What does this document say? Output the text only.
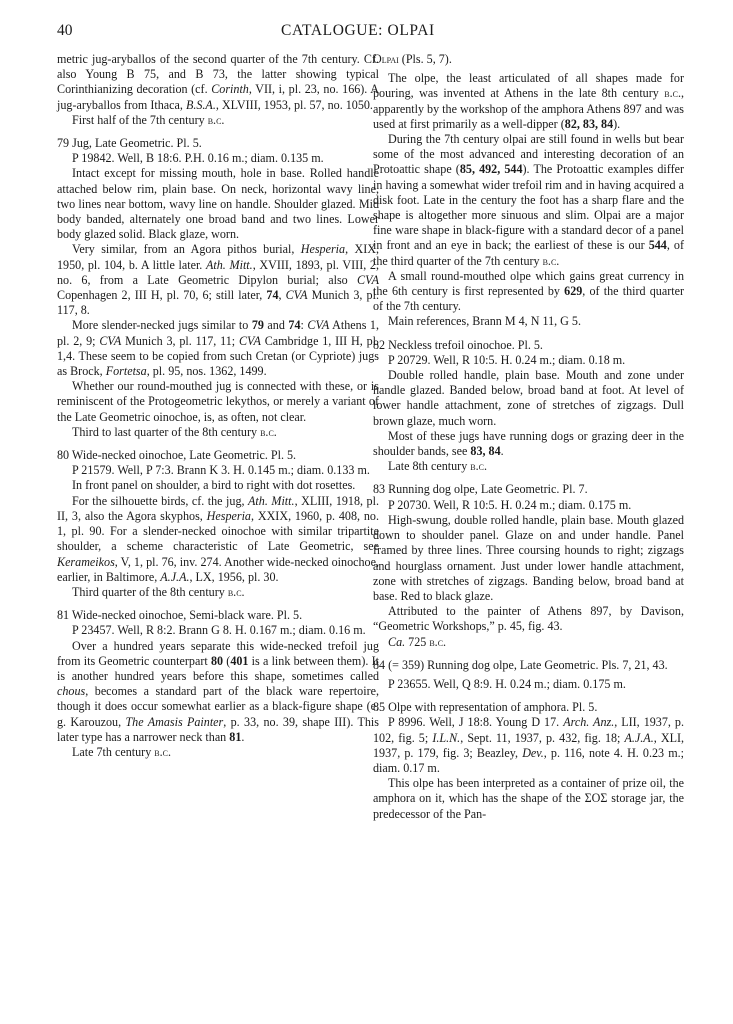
40	CATALOGUE: OLPAI

metric jug-aryballos of the second quarter of the 7th century. Cf. also Young B 75, and B 73, the latter showing typical Corinthianizing decoration (cf. Corinth, VII, i, pl. 23, no. 166). A jug-aryballos from Ithaca, B.S.A., XLVIII, 1953, pl. 57, no. 1050.

First half of the 7th century b.c.

79 Jug, Late Geometric. Pl. 5.

P 19842. Well, B 18:6. P.H. 0.16 m.; diam. 0.135 m.

Intact except for missing mouth, hole in base. Rolled handle attached below rim, plain base. On neck, horizontal wavy line, two lines near bottom, wavy line on handle. Shoulder glazed. Mid body banded, alternately one broad band and two lines. Lower body glazed solid. Black glaze, worn.

Very similar, from an Agora pithos burial, Hesperia, XIX, 1950, pl. 104, b. A little later. Ath. Mitt., XVIII, 1893, pl. VIII, 2, no. 6, from a Late Geometric Dipylon burial; also CVA Copenhagen 2, III H, pl. 70, 6; still later, 74, CVA Munich 3, pl. 117, 8.

More slender-necked jugs similar to 79 and 74: CVA Athens 1, pl. 2, 9; CVA Munich 3, pl. 117, 11; CVA Cambridge 1, III H, pl. 1,4. These seem to be copied from such Cretan (or Cypriote) jugs as Brock, Fortetsa, pl. 95, nos. 1362, 1499.

Whether our round-mouthed jug is connected with these, or is reminiscent of the Protogeometric lekythos, or merely a variant of the Late Geometric oinochoe, is, as often, not clear.

Third to last quarter of the 8th century b.c.

80 Wide-necked oinochoe, Late Geometric. Pl. 5.

P 21579. Well, P 7:3. Brann K 3. H. 0.145 m.; diam. 0.133 m.

In front panel on shoulder, a bird to right with dot rosettes.

For the silhouette birds, cf. the jug, Ath. Mitt., XLIII, 1918, pl. II, 3, also the Agora skyphos, Hesperia, XXIX, 1960, p. 408, no. 1, pl. 90. For a slender-necked oinochoe with similar tripartite shoulder, a scheme characteristic of Late Geometric, see Kerameikos, V, 1, pl. 76, inv. 274. Another wide-necked oinochoe, earlier, in Baltimore, A.J.A., LX, 1956, pl. 30.

Third quarter of the 8th century b.c.

81 Wide-necked oinochoe, Semi-black ware. Pl. 5.

P 23457. Well, R 8:2. Brann G 8. H. 0.167 m.; diam. 0.16 m.

Over a hundred years separate this wide-necked trefoil jug from its Geometric counterpart 80 (401 is a link between them). It is another hundred years before this shape, sometimes called chous, becomes a standard part of the black ware repertoire, though it does occur somewhat earlier as a black-figure shape (e. g. Karouzou, The Amasis Painter, p. 33, no. 39, shape III). This later type has a narrower neck than 81.

Late 7th century b.c.

Olpai (Pls. 5, 7).

The olpe, the least articulated of all shapes made for pouring, was invented at Athens in the late 8th century b.c., apparently by the workshop of the amphora Athens 897 and was used at first primarily as a well-dipper (82, 83, 84).

During the 7th century olpai are still found in wells but bear some of the most advanced and interesting decoration of an Protoattic shape (85, 492, 544). The Protoattic examples differ in having a somewhat wider trefoil rim and in having acquired a disk foot. Late in the century the foot has a sharp flare and the shape is altogether more sinuous and slim. Olpai are a major fine ware shape in black-figure with a standard decor of a panel in front and an eye in back; the earliest of these is our 544, of the third quarter of the 7th century b.c.

A small round-mouthed olpe which gains great currency in the 6th century is first represented by 629, of the third quarter of the 7th century.

Main references, Brann M 4, N 11, G 5.

82 Neckless trefoil oinochoe. Pl. 5.

P 20729. Well, R 10:5. H. 0.24 m.; diam. 0.18 m.

Double rolled handle, plain base. Mouth and zone under handle glazed. Banded below, broad band at foot. At level of lower handle attachment, zone of stretches of zigzags. Dull brown glaze, much worn.

Most of these jugs have running dogs or grazing deer in the shoulder bands, see 83, 84.

Late 8th century b.c.

83 Running dog olpe, Late Geometric. Pl. 7.

P 20730. Well, R 10:5. H. 0.24 m.; diam. 0.175 m.

High-swung, double rolled handle, plain base. Mouth glazed down to shoulder panel. Glaze on and under handle. Panel framed by three lines. Three coursing hounds to right; zigzags and hourglass ornament. Just under lower handle attachment, zone with stretches of zigzags. Banding below, broad band at base. Red to black glaze.

Attributed to the painter of Athens 897, by Davison, “Geometric Workshops,” p. 45, fig. 43.

Ca. 725 b.c.

84 (= 359) Running dog olpe, Late Geometric. Pls. 7, 21, 43.

P 23655. Well, Q 8:9. H. 0.24 m.; diam. 0.175 m.

85 Olpe with representation of amphora. Pl. 5.

P 8996. Well, J 18:8. Young D 17. Arch. Anz., LII, 1937, p. 102, fig. 5; I.L.N., Sept. 11, 1937, p. 432, fig. 18; A.J.A., XLI, 1937, p. 179, fig. 3; Beazley, Dev., p. 116, note 4. H. 0.23 m.; diam. 0.17 m.

This olpe has been interpreted as a container of prize oil, the amphora on it, which has the shape of the ΣΟΣ storage jar, the predecessor of the Pan-
